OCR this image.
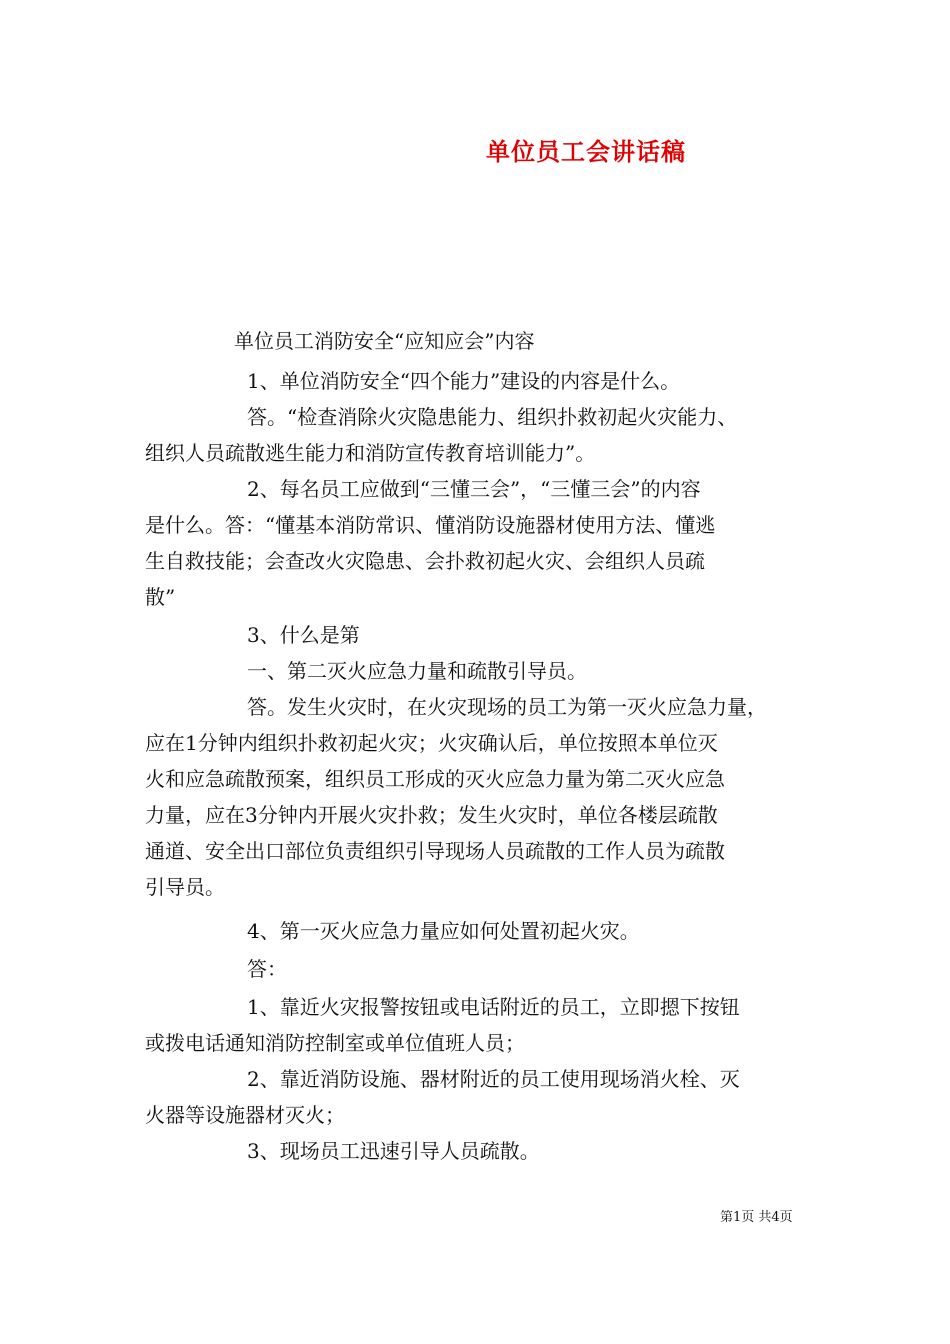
单位员工会讲话稿
单位员工消防安全“应知应会”内容
1、单位消防安全“四个能力”建设的内容是什么。
答。“检查消除火灾隐患能力、组织扑救初起火灾能力、
组织人员疏散逃生能力和消防宣传教育培训能力”。
2、每名员工应做到“三懂三会”，“三懂三会”的内容
是什么。答：“懂基本消防常识、懂消防设施器材使用方法、懂逃
生自救技能；会查改火灾隐患、会扑救初起火灾、会组织人员疏
散”
3、什么是第
一、第二灭火应急力量和疏散引导员。
答。发生火灾时，在火灾现场的员工为第一灭火应急力量，
应在1分钟内组织扑救初起火灾；火灾确认后，单位按照本单位灭
火和应急疏散预案，组织员工形成的灭火应急力量为第二灭火应急
力量，应在3分钟内开展火灾扑救；发生火灾时，单位各楼层疏散
通道、安全出口部位负责组织引导现场人员疏散的工作人员为疏散
引导员。
4、第一灭火应急力量应如何处置初起火灾。
答：
1、靠近火灾报警按钮或电话附近的员工，立即摁下按钮
或拨电话通知消防控制室或单位值班人员；
2、靠近消防设施、器材附近的员工使用现场消火栓、灭
火器等设施器材灭火；
3、现场员工迅速引导人员疏散。
第1页 共4页
